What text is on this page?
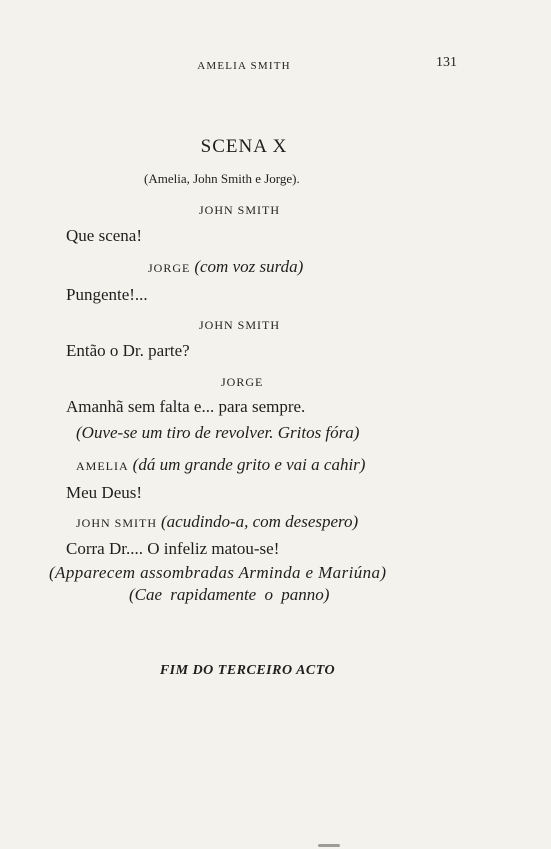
AMELIA SMITH	131
SCENA X
(Amelia, John Smith e Jorge).
JOHN SMITH
Que scena!
JORGE (com voz surda)
Pungente!...
JOHN SMITH
Então o Dr. parte?
JORGE
Amanhã sem falta e... para sempre.
(Ouve-se um tiro de revolver. Gritos fóra)
AMELIA (dá um grande grito e vai a cahir)
Meu Deus!
JOHN SMITH (acudindo-a, com desespero)
Corra Dr.... O infeliz matou-se!
(Apparecem assombradas Arminda e Mariúna)
(Cae rapidamente o panno)
FIM DO TERCEIRO ACTO
